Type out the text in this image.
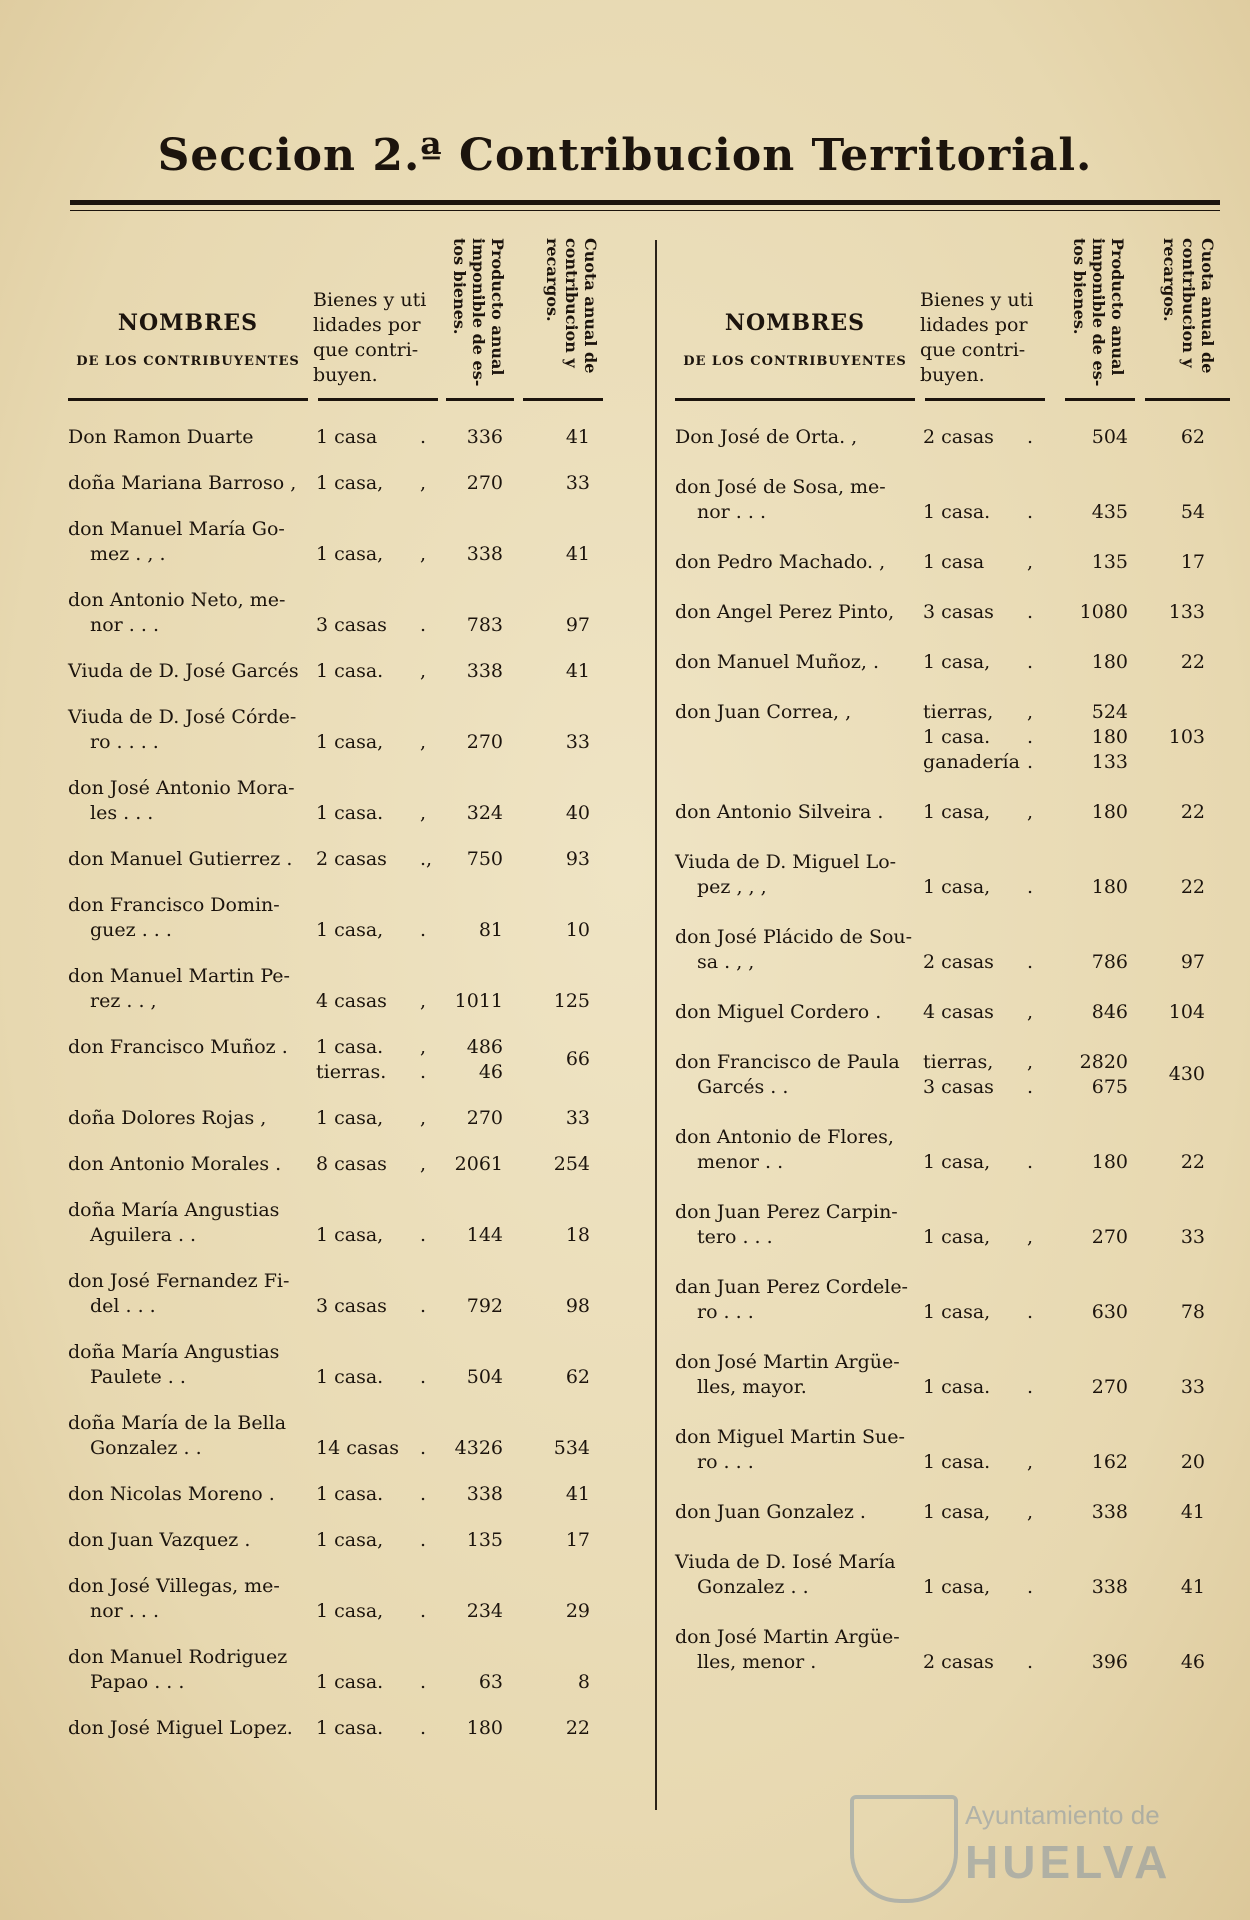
Seccion 2.ª Contribucion Territorial.
NOMBRES
DE LOS CONTRIBUYENTES
Bienes y uti lidades por que contri- buyen.	Producto anual imponible de es- tos bienes.	Cuota anual de contribucion y recargos.
Don Ramon Duarte	1 casa	.	336	41
doña Mariana Barroso ,	1 casa,	,	270	33
don Manuel María Go-
mez . , .	1 casa,	,	338	41
don Antonio Neto, me-
nor . . .	3 casas	.	783	97
Viuda de D. José Garcés 1 casa.	,	338	41
Viuda de D. José Córde-
ro . . . .	1 casa,	,	270	33
don José Antonio Mora-
les . . .	1 casa.	,	324	40
don Manuel Gutierrez .	2 casas	.,	750	93
don Francisco Domin-
guez . . .	1 casa,	.	81	10
don Manuel Martin Pe-
rez . . ,	4 casas	,	1011	125
don Francisco Muñoz .	1 casa.	,	486
tierras.	.	46
66
doña Dolores Rojas ,	1 casa,	,	270	33
don Antonio Morales .	8 casas	,	2061	254
doña María Angustias
Aguilera . .	1 casa,	.	144	18
don José Fernandez Fi-
del . . .	3 casas	.	792	98
doña María Angustias
Paulete . .	1 casa.	.	504	62
doña María de la Bella
Gonzalez . .	14 casas	.	4326	534
don Nicolas Moreno .	1 casa.	.	338	41
don Juan Vazquez .	1 casa,	.	135	17
don José Villegas, me-
nor . . .	1 casa,	.	234	29
don Manuel Rodriguez
Papao . . .	1 casa.	.	63	8
don José Miguel Lopez.	1 casa.	.	180	22
NOMBRES
DE LOS CONTRIBUYENTES
Bienes y uti lidades por que contri- buyen.	Producto anual imponible de es- tos bienes.	Cuota anual de contribucion y recargos.
Don José de Orta. ,	2 casas	.	504	62
don José de Sosa, me-
nor . . .	1 casa.	.	435	54
don Pedro Machado. ,	1 casa	,	135	17
don Angel Perez Pinto,	3 casas	.	1080	133
don Manuel Muñoz, .	1 casa,	.	180	22
don Juan Correa, ,	tierras,	,	524
1 casa.	.	180
ganadería .	133
103
don Antonio Silveira .	1 casa,	,	180	22
Viuda de D. Miguel Lo-
pez , , ,	1 casa,	.	180	22
don José Plácido de Sou-
sa . , ,	2 casas	.	786	97
don Miguel Cordero .	4 casas	,	846	104
don Francisco de Paula
Garcés . .
tierras,	,	2820
3 casas	.	675
430
don Antonio de Flores,
menor . .	1 casa,	.	180	22
don Juan Perez Carpin-
tero . . .	1 casa,	,	270	33
dan Juan Perez Cordele-
ro . . .	1 casa,	.	630	78
don José Martin Argüe-
lles, mayor.	1 casa.	.	270	33
don Miguel Martin Sue-
ro . . .	1 casa.	,	162	20
don Juan Gonzalez .	1 casa,	,	338	41
Viuda de D. Iosé María
Gonzalez . .	1 casa,	.	338	41
don José Martin Argüe-
lles, menor .	2 casas	.	396	46
Ayuntamiento de
HUELVA
